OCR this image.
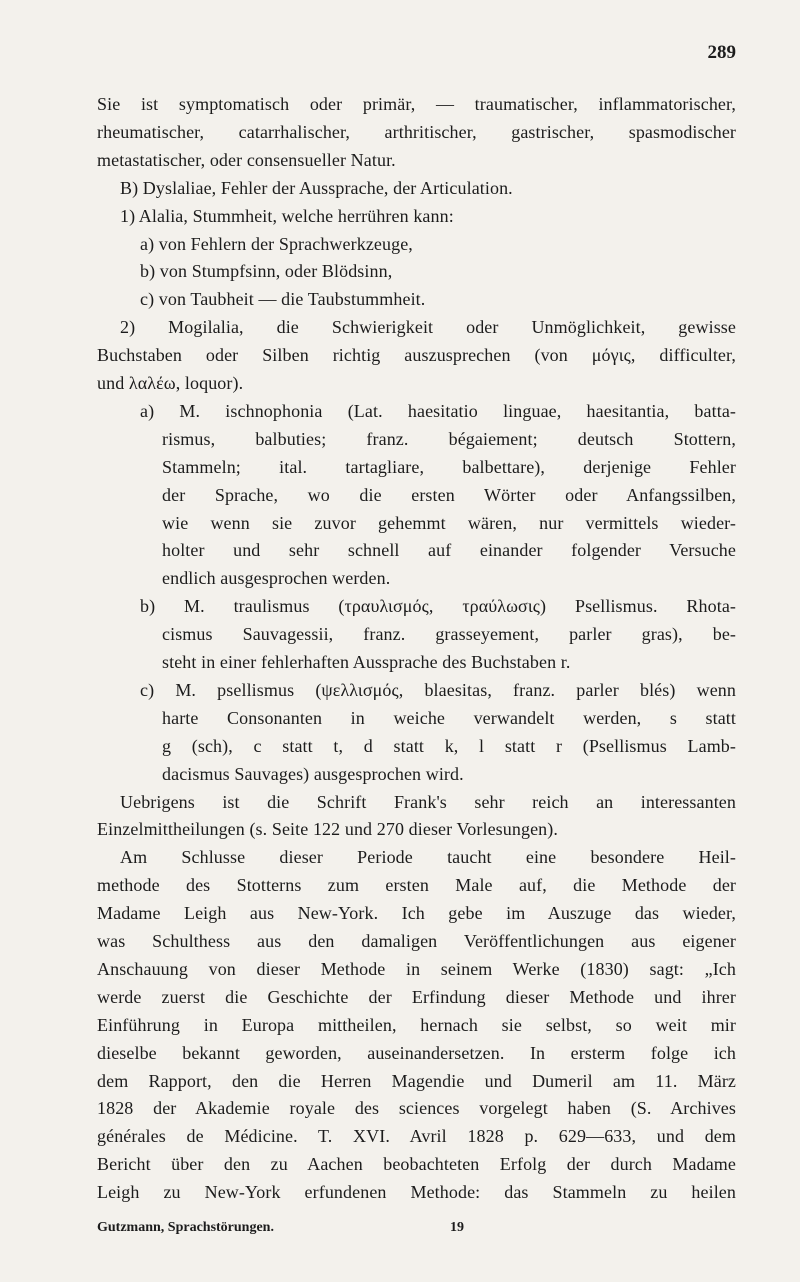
289
Sie ist symptomatisch oder primär, — traumatischer, inflammatorischer,
rheumatischer, catarrhalischer, arthritischer, gastrischer, spasmodischer
metastatischer, oder consensueller Natur.
B) Dyslaliae, Fehler der Aussprache, der Articulation.
1) Alalia, Stummheit, welche herrühren kann:
a) von Fehlern der Sprachwerkzeuge,
b) von Stumpfsinn, oder Blödsinn,
c) von Taubheit — die Taubstummheit.
2) Mogilalia, die Schwierigkeit oder Unmöglichkeit, gewisse
Buchstaben oder Silben richtig auszusprechen (von μόγις, difficulter,
und λαλέω, loquor).
a) M. ischnophonia (Lat. haesitatio linguae, haesitantia, batta-
rismus, balbuties; franz. bégaiement; deutsch Stottern,
Stammeln; ital. tartagliare, balbettare), derjenige Fehler
der Sprache, wo die ersten Wörter oder Anfangssilben,
wie wenn sie zuvor gehemmt wären, nur vermittels wieder-
holter und sehr schnell auf einander folgender Versuche
endlich ausgesprochen werden.
b) M. traulismus (τραυλισμός, τραύλωσις) Psellismus. Rhota-
cismus Sauvagessii, franz. grasseyement, parler gras), be-
steht in einer fehlerhaften Aussprache des Buchstaben r.
c) M. psellismus (ψελλισμός, blaesitas, franz. parler blés) wenn
harte Consonanten in weiche verwandelt werden, s statt
g (sch), c statt t, d statt k, l statt r (Psellismus Lamb-
dacismus Sauvages) ausgesprochen wird.
Uebrigens ist die Schrift Frank's sehr reich an interessanten
Einzelmittheilungen (s. Seite 122 und 270 dieser Vorlesungen).
Am Schlusse dieser Periode taucht eine besondere Heil-
methode des Stotterns zum ersten Male auf, die Methode der
Madame Leigh aus New-York. Ich gebe im Auszuge das wieder,
was Schulthess aus den damaligen Veröffentlichungen aus eigener
Anschauung von dieser Methode in seinem Werke (1830) sagt: „Ich
werde zuerst die Geschichte der Erfindung dieser Methode und ihrer
Einführung in Europa mittheilen, hernach sie selbst, so weit mir
dieselbe bekannt geworden, auseinandersetzen. In ersterm folge ich
dem Rapport, den die Herren Magendie und Dumeril am 11. März
1828 der Akademie royale des sciences vorgelegt haben (S. Archives
générales de Médicine. T. XVI. Avril 1828 p. 629—633, und dem
Bericht über den zu Aachen beobachteten Erfolg der durch Madame
Leigh zu New-York erfundenen Methode: das Stammeln zu heilen
Gutzmann, Sprachstörungen.	19
